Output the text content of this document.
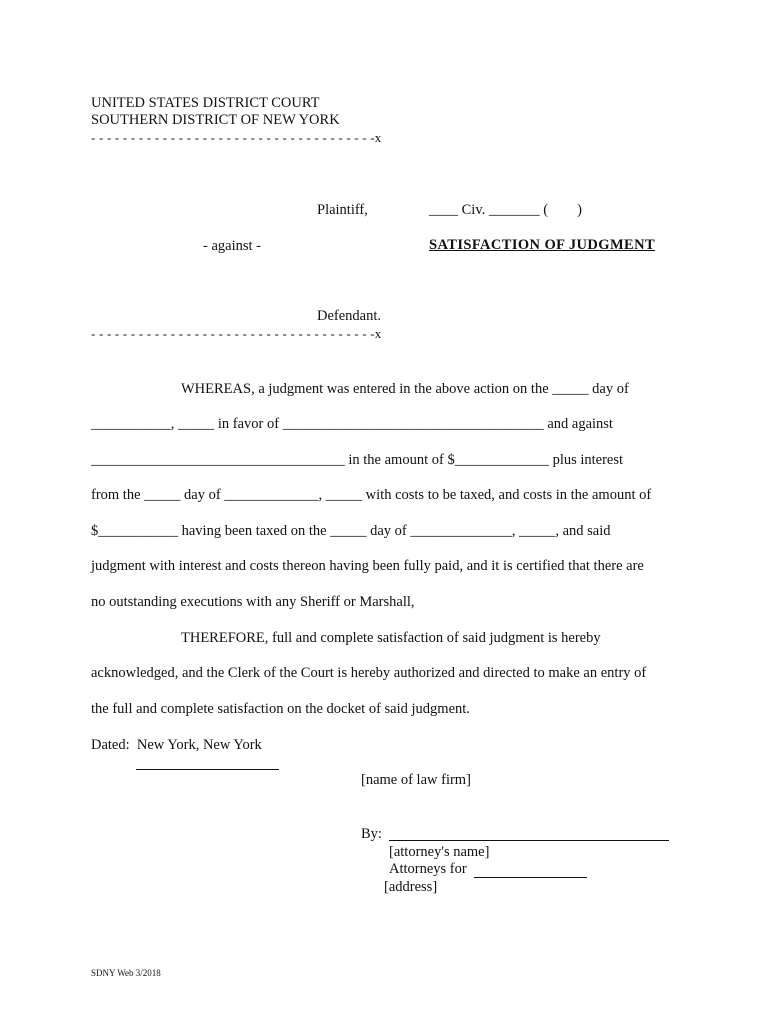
UNITED STATES DISTRICT COURT
SOUTHERN DISTRICT OF NEW YORK
- - - - - - - - - - - - - - - - - - - - - - - - - - - - - - - - - - - -x
Plaintiff,	____ Civ. _______ (        )
- against -	SATISFACTION OF JUDGMENT
Defendant.
- - - - - - - - - - - - - - - - - - - - - - - - - - - - - - - - - - - -x
WHEREAS, a judgment was entered in the above action on the _____ day of
___________, _____ in favor of ____________________________________ and against
___________________________________ in the amount of $_____________ plus interest
from the _____ day of _____________, _____ with costs to be taxed, and costs in the amount of
$___________ having been taxed on the _____ day of ______________, _____, and said
judgment with interest and costs thereon having been fully paid, and it is certified that there are
no outstanding executions with any Sheriff or Marshall,
THEREFORE, full and complete satisfaction of said judgment is hereby
acknowledged, and the Clerk of the Court is hereby authorized and directed to make an entry of
the full and complete satisfaction on the docket of said judgment.
Dated:  New York, New York
[name of law firm]
By:
[attorney's name]
Attorneys for
[address]
SDNY Web 3/2018
